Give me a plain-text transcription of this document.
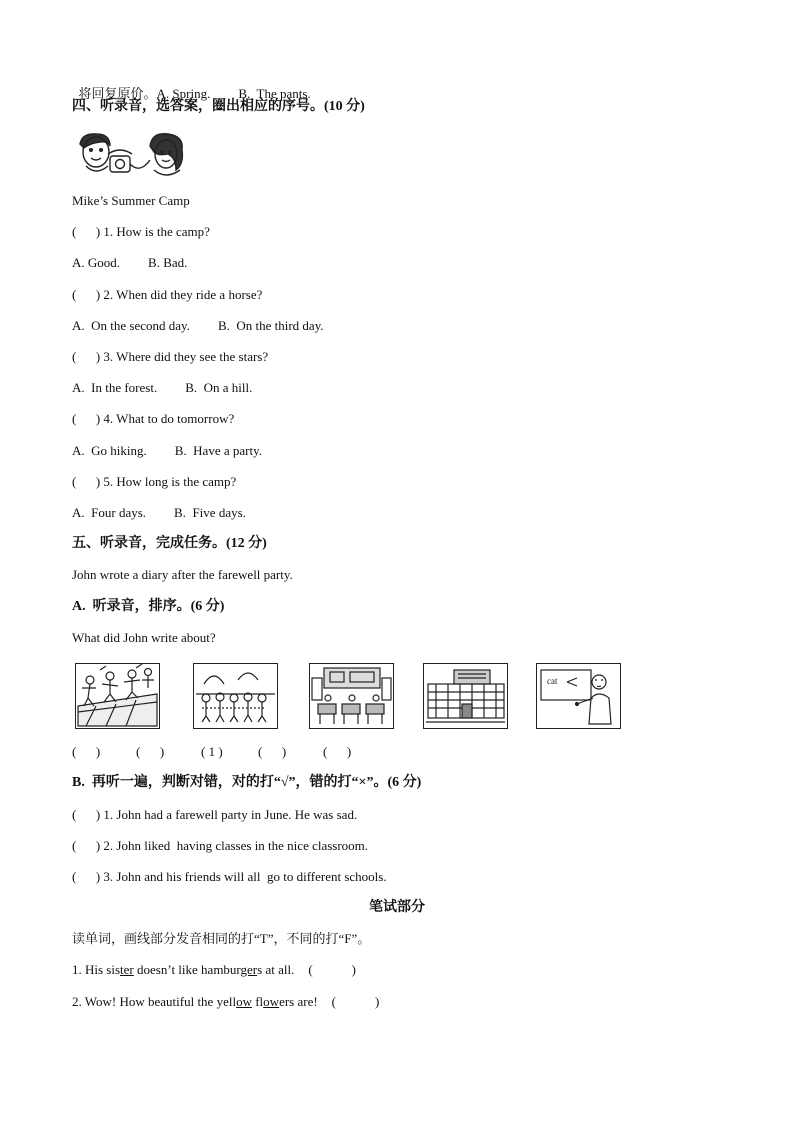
将回复原价。A. Spring. B.  The pants.

四、听录音，选答案，圈出相应的序号。(10 分)
Mike’s Summer Camp
(      ) 1. How is the camp?
A. Good. B. Bad.
(      ) 2. When did they ride a horse?
A.  On the second day. B.  On the third day.
(      ) 3. Where did they see the stars?
A.  In the forest. B.  On a hill.
(      ) 4. What to do tomorrow?
A.  Go hiking. B.  Have a party.
(      ) 5. How long is the camp?
A.  Four days. B.  Five days.
五、听录音，完成任务。(12 分)
John wrote a diary after the farewell party.
A.  听录音，排序。(6 分)
What did John write about?
cat
(      )	(      )	( 1 )	(      )	(      )
B.  再听一遍，判断对错，对的打“√”，错的打“×”。(6 分)
(      ) 1. John had a farewell party in June. He was sad.
(      ) 2. John liked  having classes in the nice classroom.
(      ) 3. John and his friends will all  go to different schools.
笔试部分
读单词，画线部分发音相同的打“T”，不同的打“F”。
1. His sister doesn’t like hamburgers at all. (            )
2. Wow! How beautiful the yellow flowers are! (            )
